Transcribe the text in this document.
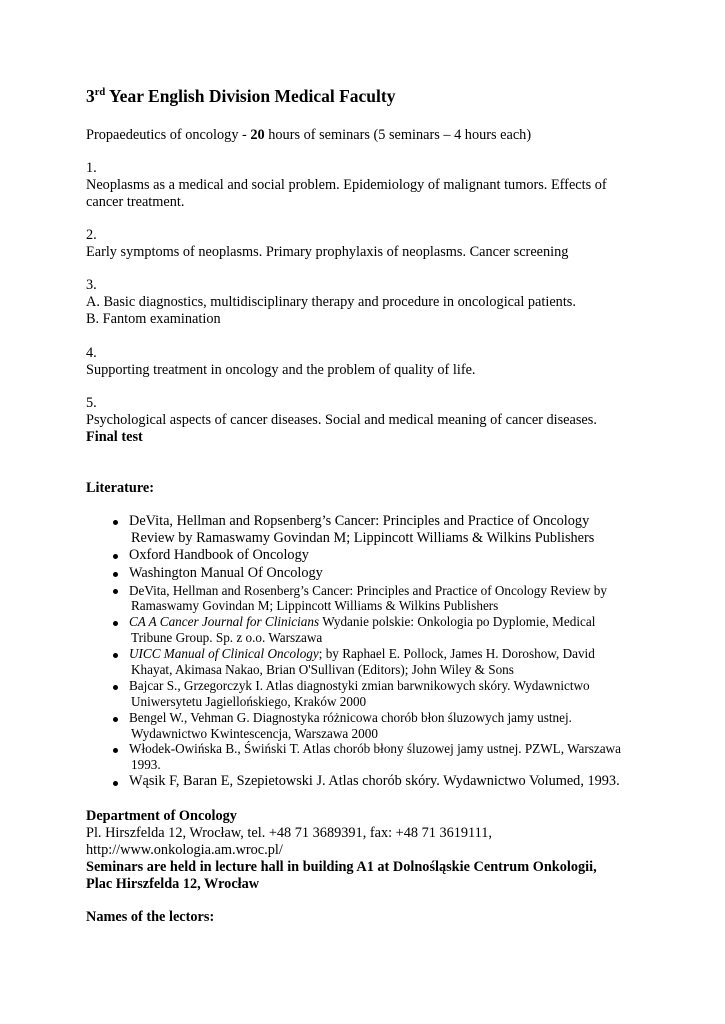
3rd Year English Division Medical Faculty
Propaedeutics of oncology - 20 hours of seminars (5 seminars – 4 hours each)
1.
Neoplasms as a medical and social problem. Epidemiology of malignant tumors. Effects of
cancer treatment.
2.
Early symptoms of neoplasms. Primary prophylaxis of neoplasms. Cancer screening
3.
A. Basic diagnostics, multidisciplinary therapy and procedure in oncological patients.
B. Fantom examination
4.
Supporting treatment in oncology and the problem of quality of life.
5.
Psychological aspects of cancer diseases. Social and medical meaning of cancer diseases.
Final test
Literature:
DeVita, Hellman and Ropsenberg’s Cancer: Principles and Practice of Oncology
Review by Ramaswamy Govindan M; Lippincott Williams & Wilkins Publishers
Oxford Handbook of Oncology
Washington Manual Of Oncology
DeVita, Hellman and Rosenberg’s Cancer: Principles and Practice of Oncology Review by
Ramaswamy Govindan M; Lippincott Williams & Wilkins Publishers
CA A Cancer Journal for Clinicians Wydanie polskie: Onkologia po Dyplomie, Medical
Tribune Group. Sp. z o.o. Warszawa
UICC Manual of Clinical Oncology; by Raphael E. Pollock, James H. Doroshow, David
Khayat, Akimasa Nakao, Brian O'Sullivan (Editors); John Wiley & Sons
Bajcar S., Grzegorczyk I. Atlas diagnostyki zmian barwnikowych skóry. Wydawnictwo
Uniwersytetu Jagiellońskiego, Kraków 2000
Bengel W., Vehman G. Diagnostyka różnicowa chorób błon śluzowych jamy ustnej.
Wydawnictwo Kwintescencja, Warszawa 2000
Włodek-Owińska B., Świński T. Atlas chorób błony śluzowej jamy ustnej. PZWL, Warszawa
1993.
Wąsik F, Baran E, Szepietowski J. Atlas chorób skóry. Wydawnictwo Volumed, 1993.
Department of Oncology
Pl. Hirszfelda 12, Wrocław, tel. +48 71 3689391, fax: +48 71 3619111,
http://www.onkologia.am.wroc.pl/
Seminars are held in lecture hall in building A1 at Dolnośląskie Centrum Onkologii,
Plac Hirszfelda 12, Wrocław
Names of the lectors:
